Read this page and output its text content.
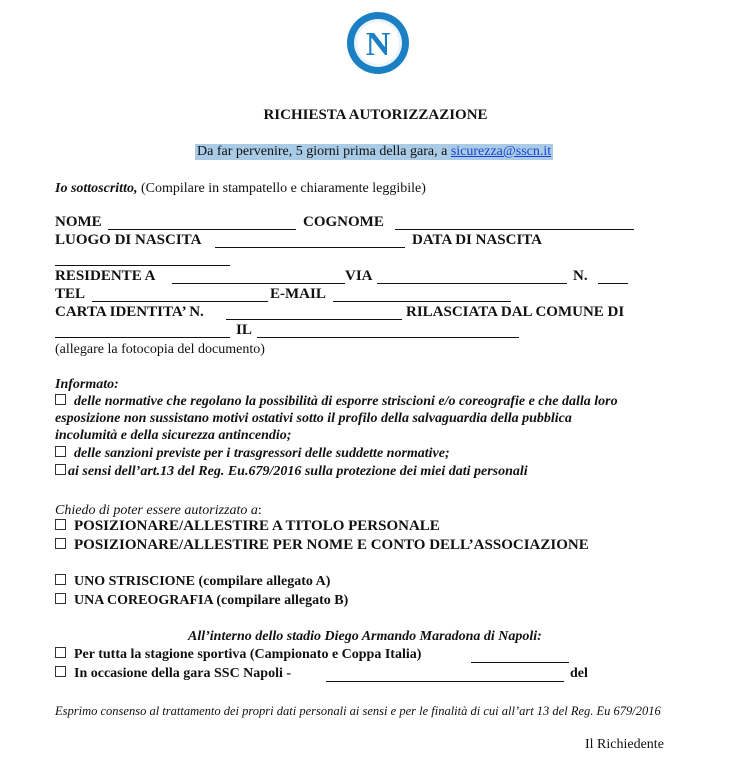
N
RICHIESTA AUTORIZZAZIONE
Da far pervenire, 5 giorni prima della gara, a sicurezza@sscn.it
Io sottoscritto, (Compilare in stampatello e chiaramente leggibile)
NOME	COGNOME
LUOGO DI NASCITA	DATA DI NASCITA
RESIDENTE A	VIA	N.
TEL	E-MAIL
CARTA IDENTITA’ N.	RILASCIATA DAL COMUNE DI
IL
(allegare la fotocopia del documento)
Informato:
delle normative che regolano la possibilità di esporre striscioni e/o coreografie e che dalla loro
esposizione non sussistano motivi ostativi sotto il profilo della salvaguardia della pubblica
incolumità e della sicurezza antincendio;
delle sanzioni previste per i trasgressori delle suddette normative;
ai sensi dell’art.13 del Reg. Eu.679/2016 sulla protezione dei miei dati personali
Chiedo di poter essere autorizzato a:
POSIZIONARE/ALLESTIRE A TITOLO PERSONALE
POSIZIONARE/ALLESTIRE PER NOME E CONTO DELL’ASSOCIAZIONE
UNO STRISCIONE (compilare allegato A)
UNA COREOGRAFIA (compilare allegato B)
All’interno dello stadio Diego Armando Maradona di Napoli:
Per tutta la stagione sportiva (Campionato e Coppa Italia)
In occasione della gara SSC Napoli -	del
Esprimo consenso al trattamento dei propri dati personali ai sensi e per le finalità di cui all’art 13 del Reg. Eu 679/2016
Il Richiedente
